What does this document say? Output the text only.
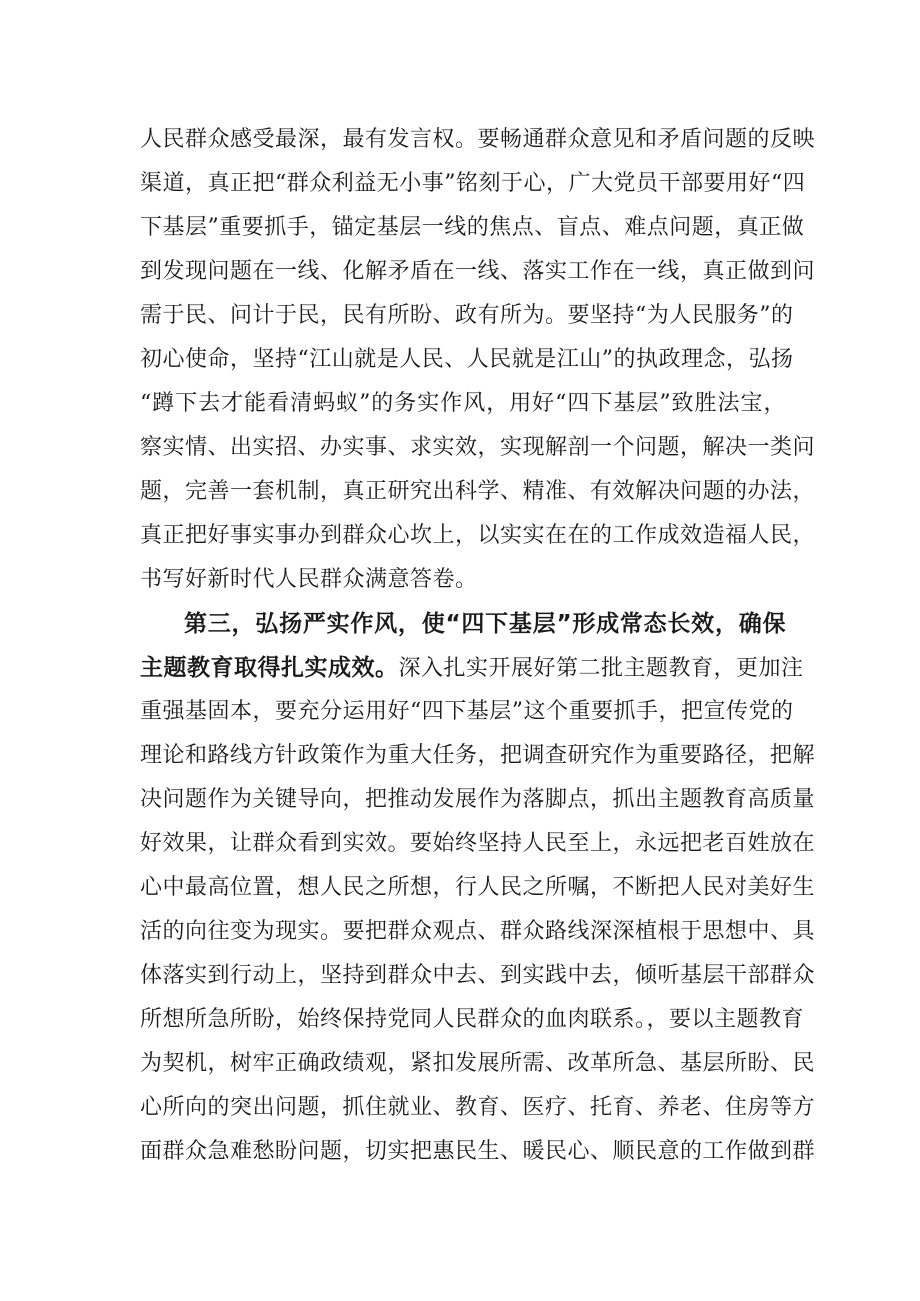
人民群众感受最深，最有发言权。要畅通群众意见和矛盾问题的反映
渠道，真正把“群众利益无小事”铭刻于心，广大党员干部要用好“四
下基层”重要抓手，锚定基层一线的焦点、盲点、难点问题，真正做
到发现问题在一线、化解矛盾在一线、落实工作在一线，真正做到问
需于民、问计于民，民有所盼、政有所为。要坚持“为人民服务”的
初心使命，坚持“江山就是人民、人民就是江山”的执政理念，弘扬
“蹲下去才能看清蚂蚁”的务实作风，用好“四下基层”致胜法宝，
察实情、出实招、办实事、求实效，实现解剖一个问题，解决一类问
题，完善一套机制，真正研究出科学、精准、有效解决问题的办法，
真正把好事实事办到群众心坎上，以实实在在的工作成效造福人民，
书写好新时代人民群众满意答卷。
第三，弘扬严实作风，使“四下基层”形成常态长效，确保
主题教育取得扎实成效。深入扎实开展好第二批主题教育，更加注
重强基固本，要充分运用好“四下基层”这个重要抓手，把宣传党的
理论和路线方针政策作为重大任务，把调查研究作为重要路径，把解
决问题作为关键导向，把推动发展作为落脚点，抓出主题教育高质量
好效果，让群众看到实效。要始终坚持人民至上，永远把老百姓放在
心中最高位置，想人民之所想，行人民之所嘱，不断把人民对美好生
活的向往变为现实。要把群众观点、群众路线深深植根于思想中、具
体落实到行动上，坚持到群众中去、到实践中去，倾听基层干部群众
所想所急所盼，始终保持党同人民群众的血肉联系。，要以主题教育
为契机，树牢正确政绩观，紧扣发展所需、改革所急、基层所盼、民
心所向的突出问题，抓住就业、教育、医疗、托育、养老、住房等方
面群众急难愁盼问题，切实把惠民生、暖民心、顺民意的工作做到群
